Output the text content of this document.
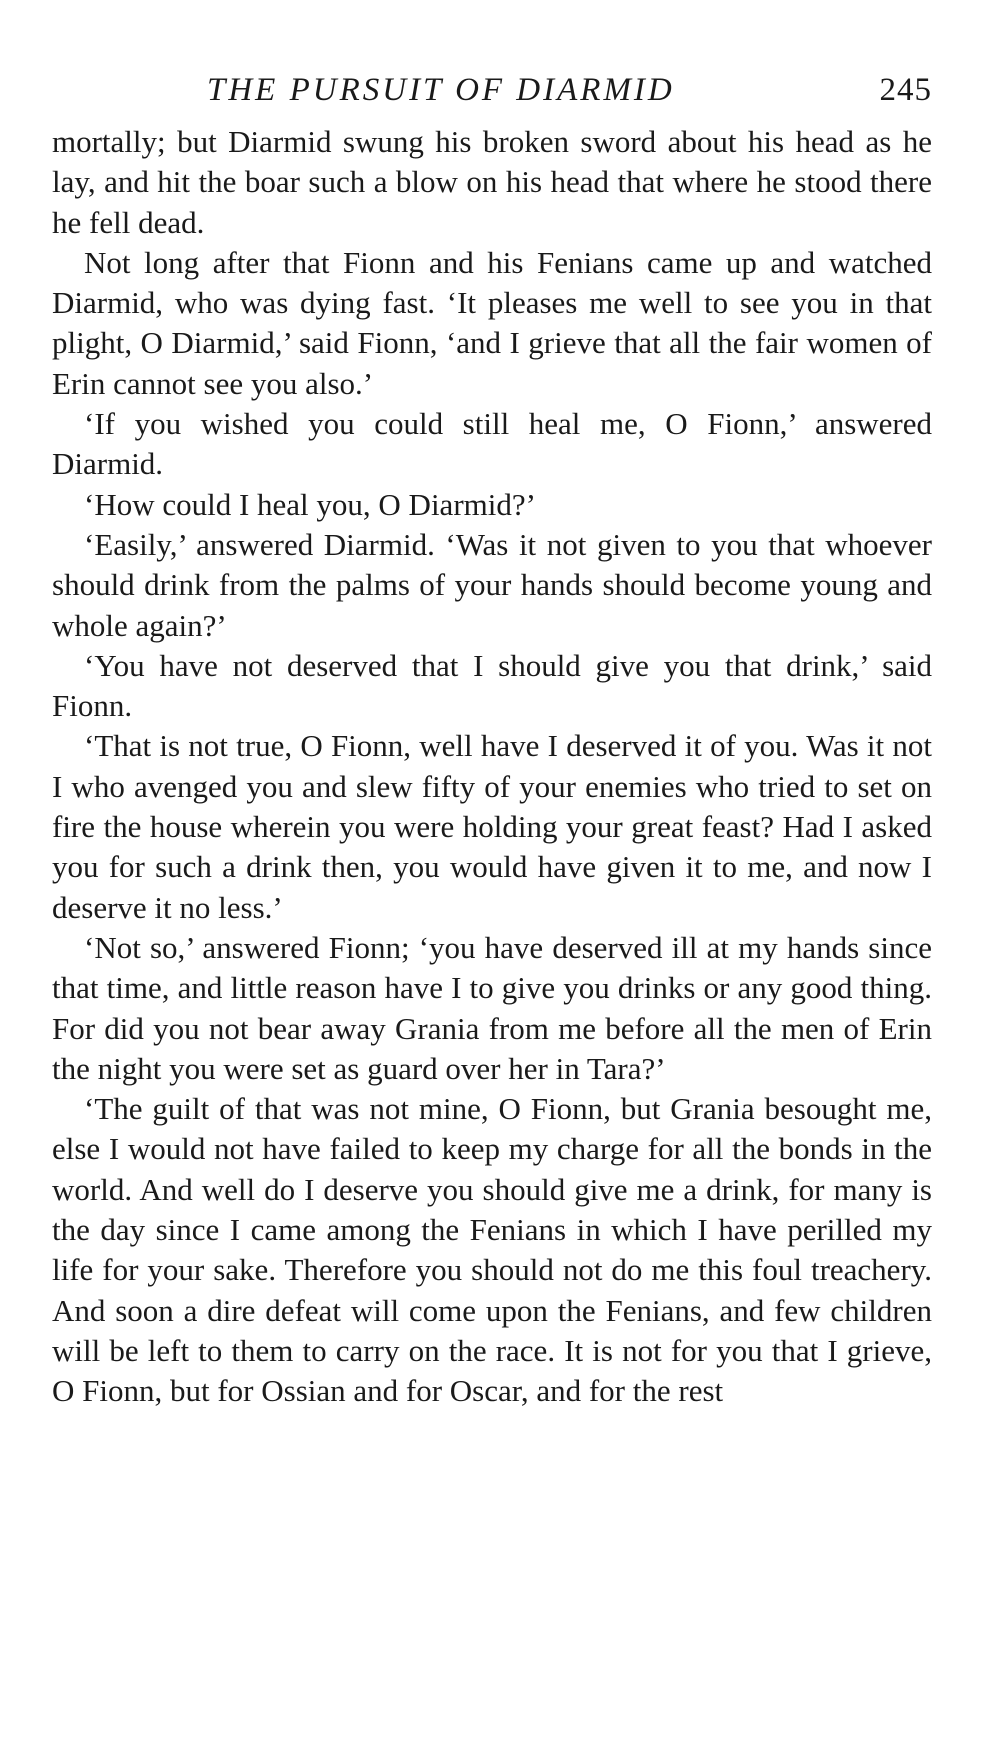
THE PURSUIT OF DIARMID	245

mortally; but Diarmid swung his broken sword about his head as he lay, and hit the boar such a blow on his head that where he stood there he fell dead.

Not long after that Fionn and his Fenians came up and watched Diarmid, who was dying fast. ‘It pleases me well to see you in that plight, O Diarmid,’ said Fionn, ‘and I grieve that all the fair women of Erin cannot see you also.’

‘If you wished you could still heal me, O Fionn,’ answered Diarmid.

‘How could I heal you, O Diarmid?’

‘Easily,’ answered Diarmid. ‘Was it not given to you that whoever should drink from the palms of your hands should become young and whole again?’

‘You have not deserved that I should give you that drink,’ said Fionn.

‘That is not true, O Fionn, well have I deserved it of you. Was it not I who avenged you and slew fifty of your enemies who tried to set on fire the house wherein you were holding your great feast? Had I asked you for such a drink then, you would have given it to me, and now I deserve it no less.’

‘Not so,’ answered Fionn; ‘you have deserved ill at my hands since that time, and little reason have I to give you drinks or any good thing. For did you not bear away Grania from me before all the men of Erin the night you were set as guard over her in Tara?’

‘The guilt of that was not mine, O Fionn, but Grania besought me, else I would not have failed to keep my charge for all the bonds in the world. And well do I deserve you should give me a drink, for many is the day since I came among the Fenians in which I have perilled my life for your sake. Therefore you should not do me this foul treachery. And soon a dire defeat will come upon the Fenians, and few children will be left to them to carry on the race. It is not for you that I grieve, O Fionn, but for Ossian and for Oscar, and for the rest
